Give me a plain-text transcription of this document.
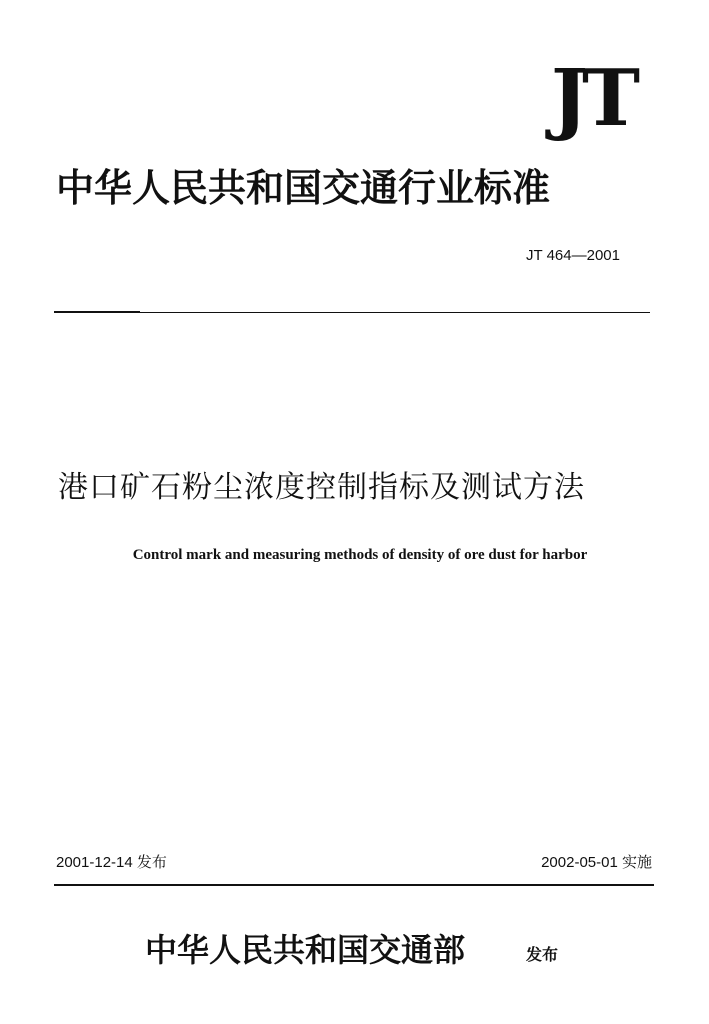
JT
中华人民共和国交通行业标准
JT 464—2001
港口矿石粉尘浓度控制指标及测试方法
Control mark and measuring methods of density of ore dust for harbor
2001-12-14 发布	2002-05-01 实施
中华人民共和国交通部	发布
